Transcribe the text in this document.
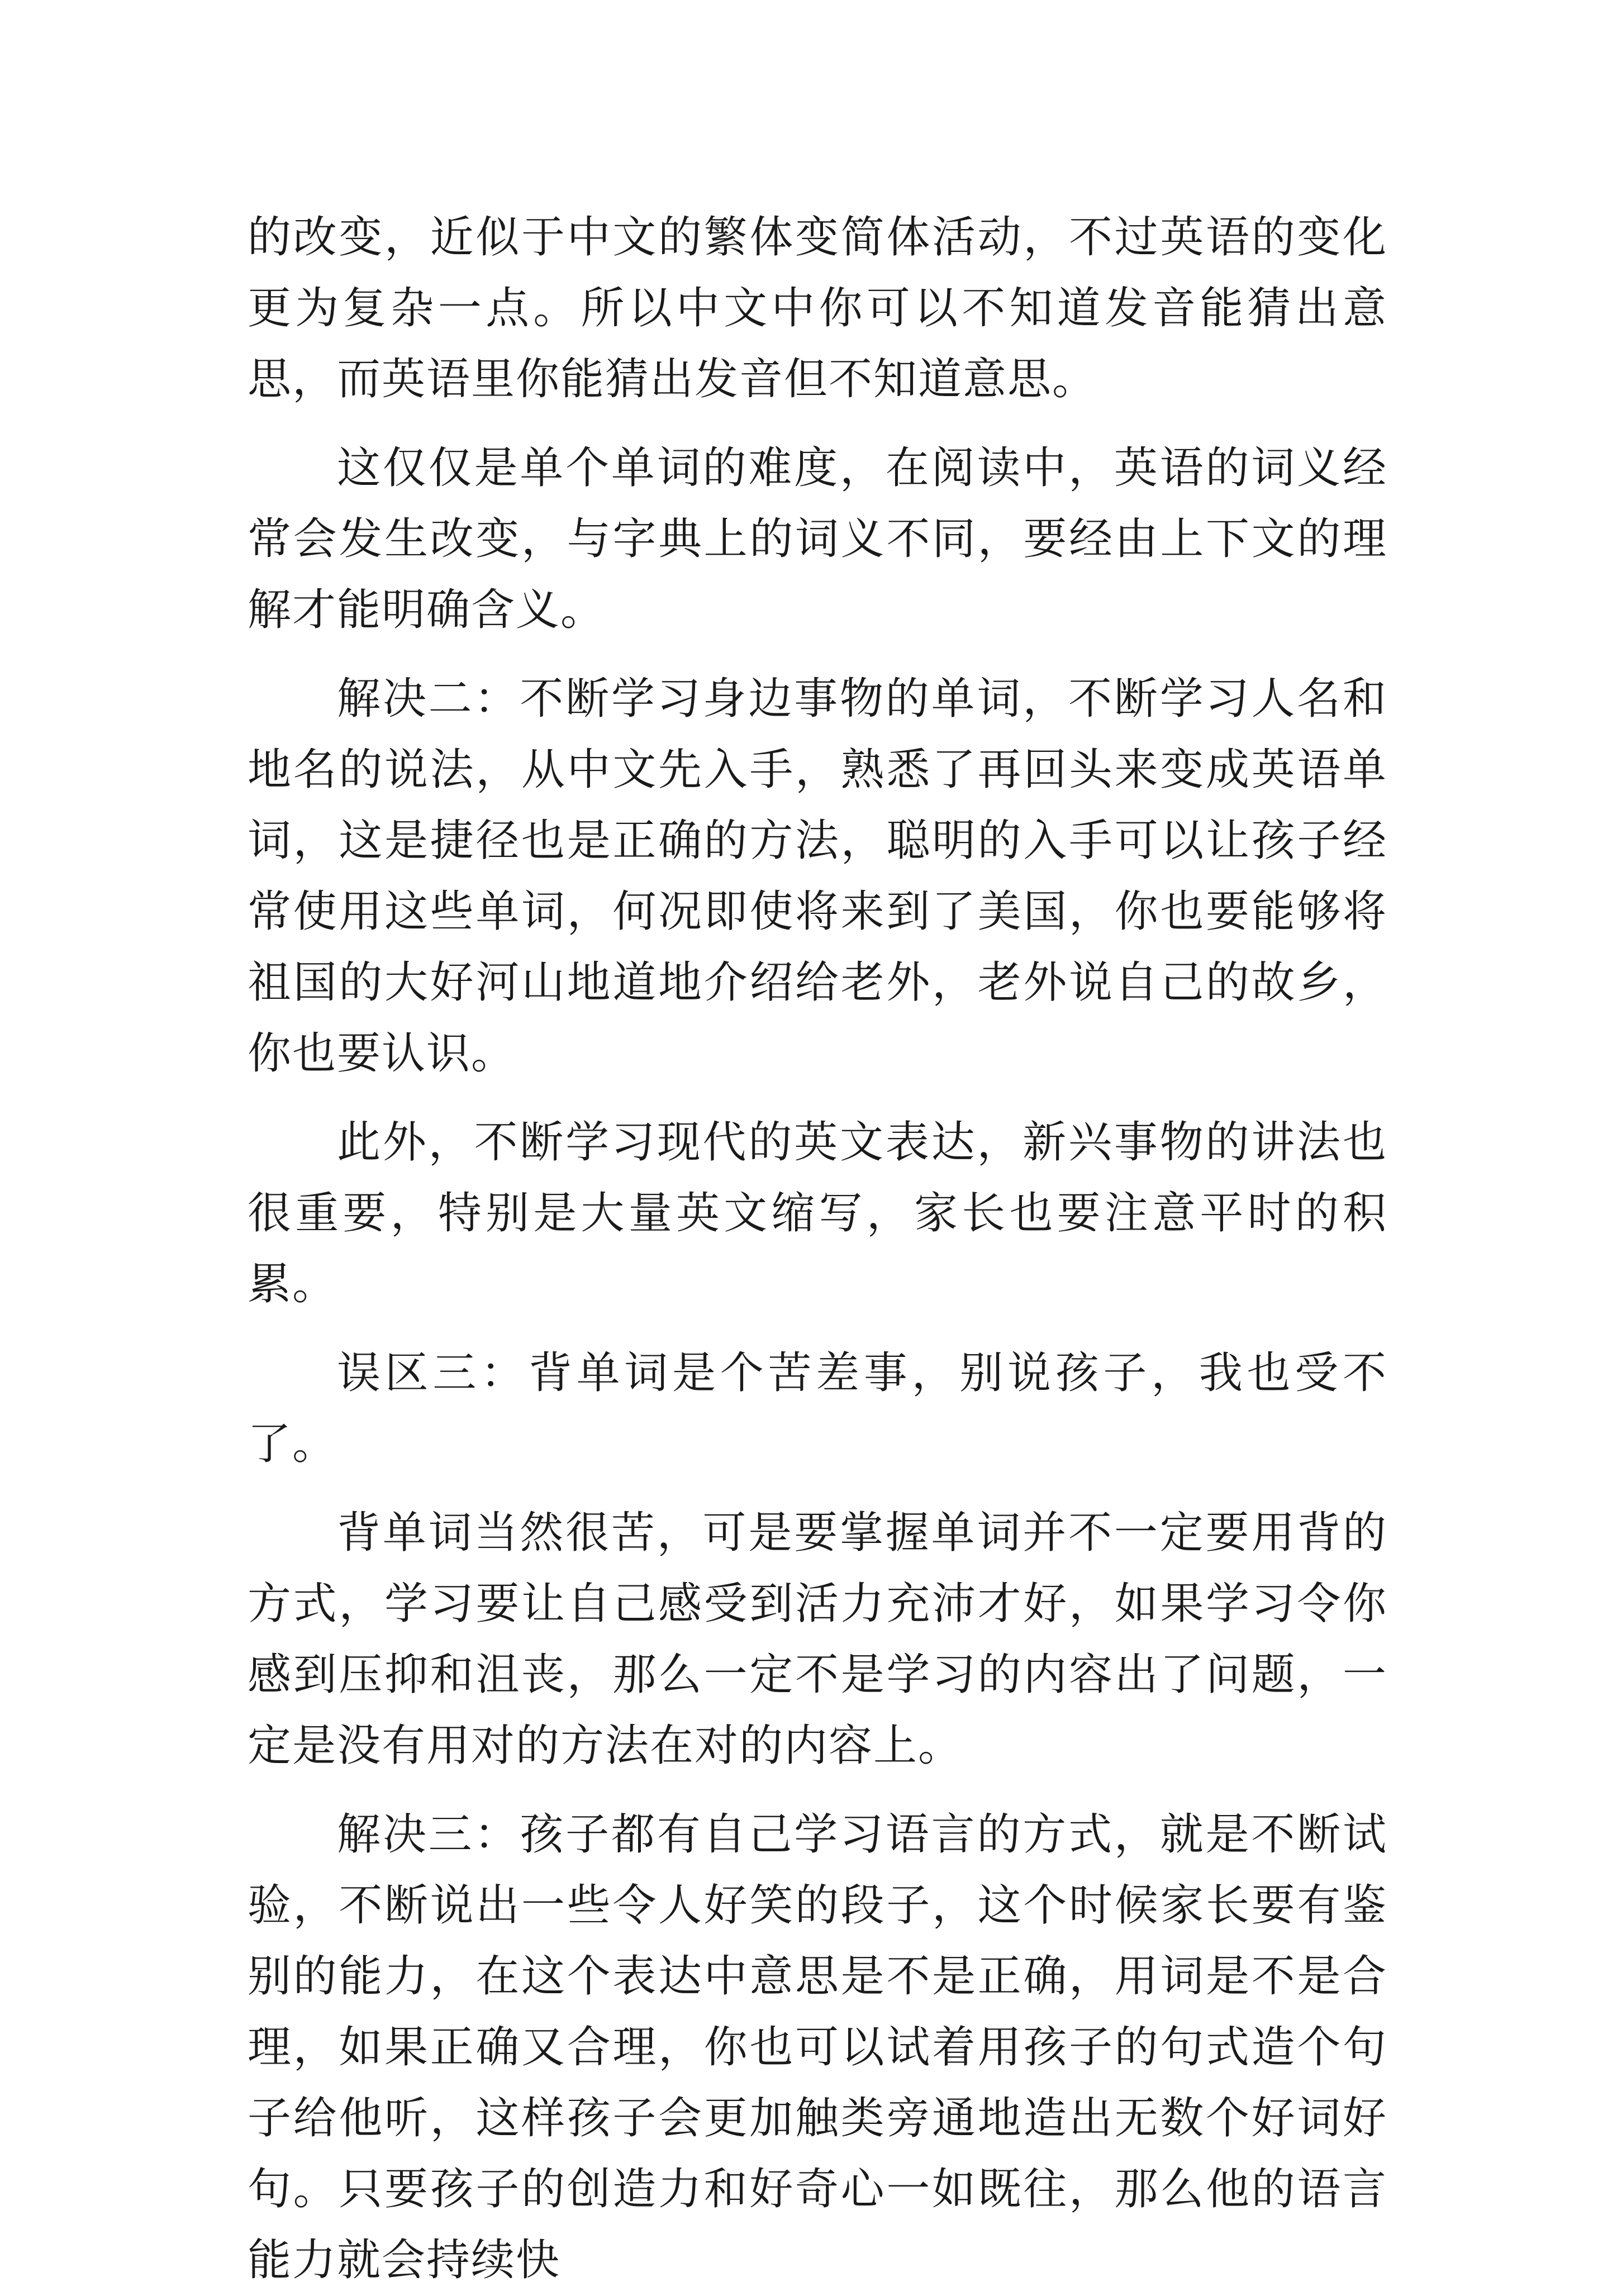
的改变，近似于中文的繁体变简体活动，不过英语的变化更为复杂一点。所以中文中你可以不知道发音能猜出意思，而英语里你能猜出发音但不知道意思。

这仅仅是单个单词的难度，在阅读中，英语的词义经常会发生改变，与字典上的词义不同，要经由上下文的理解才能明确含义。

解决二：不断学习身边事物的单词，不断学习人名和地名的说法，从中文先入手，熟悉了再回头来变成英语单词，这是捷径也是正确的方法，聪明的入手可以让孩子经常使用这些单词，何况即使将来到了美国，你也要能够将祖国的大好河山地道地介绍给老外，老外说自己的故乡，你也要认识。

此外，不断学习现代的英文表达，新兴事物的讲法也很重要，特别是大量英文缩写，家长也要注意平时的积累。

误区三：背单词是个苦差事，别说孩子，我也受不了。

背单词当然很苦，可是要掌握单词并不一定要用背的方式，学习要让自己感受到活力充沛才好，如果学习令你感到压抑和沮丧，那么一定不是学习的内容出了问题，一定是没有用对的方法在对的内容上。

解决三：孩子都有自己学习语言的方式，就是不断试验，不断说出一些令人好笑的段子，这个时候家长要有鉴别的能力，在这个表达中意思是不是正确，用词是不是合理，如果正确又合理，你也可以试着用孩子的句式造个句子给他听，这样孩子会更加触类旁通地造出无数个好词好句。只要孩子的创造力和好奇心一如既往，那么他的语言能力就会持续快
